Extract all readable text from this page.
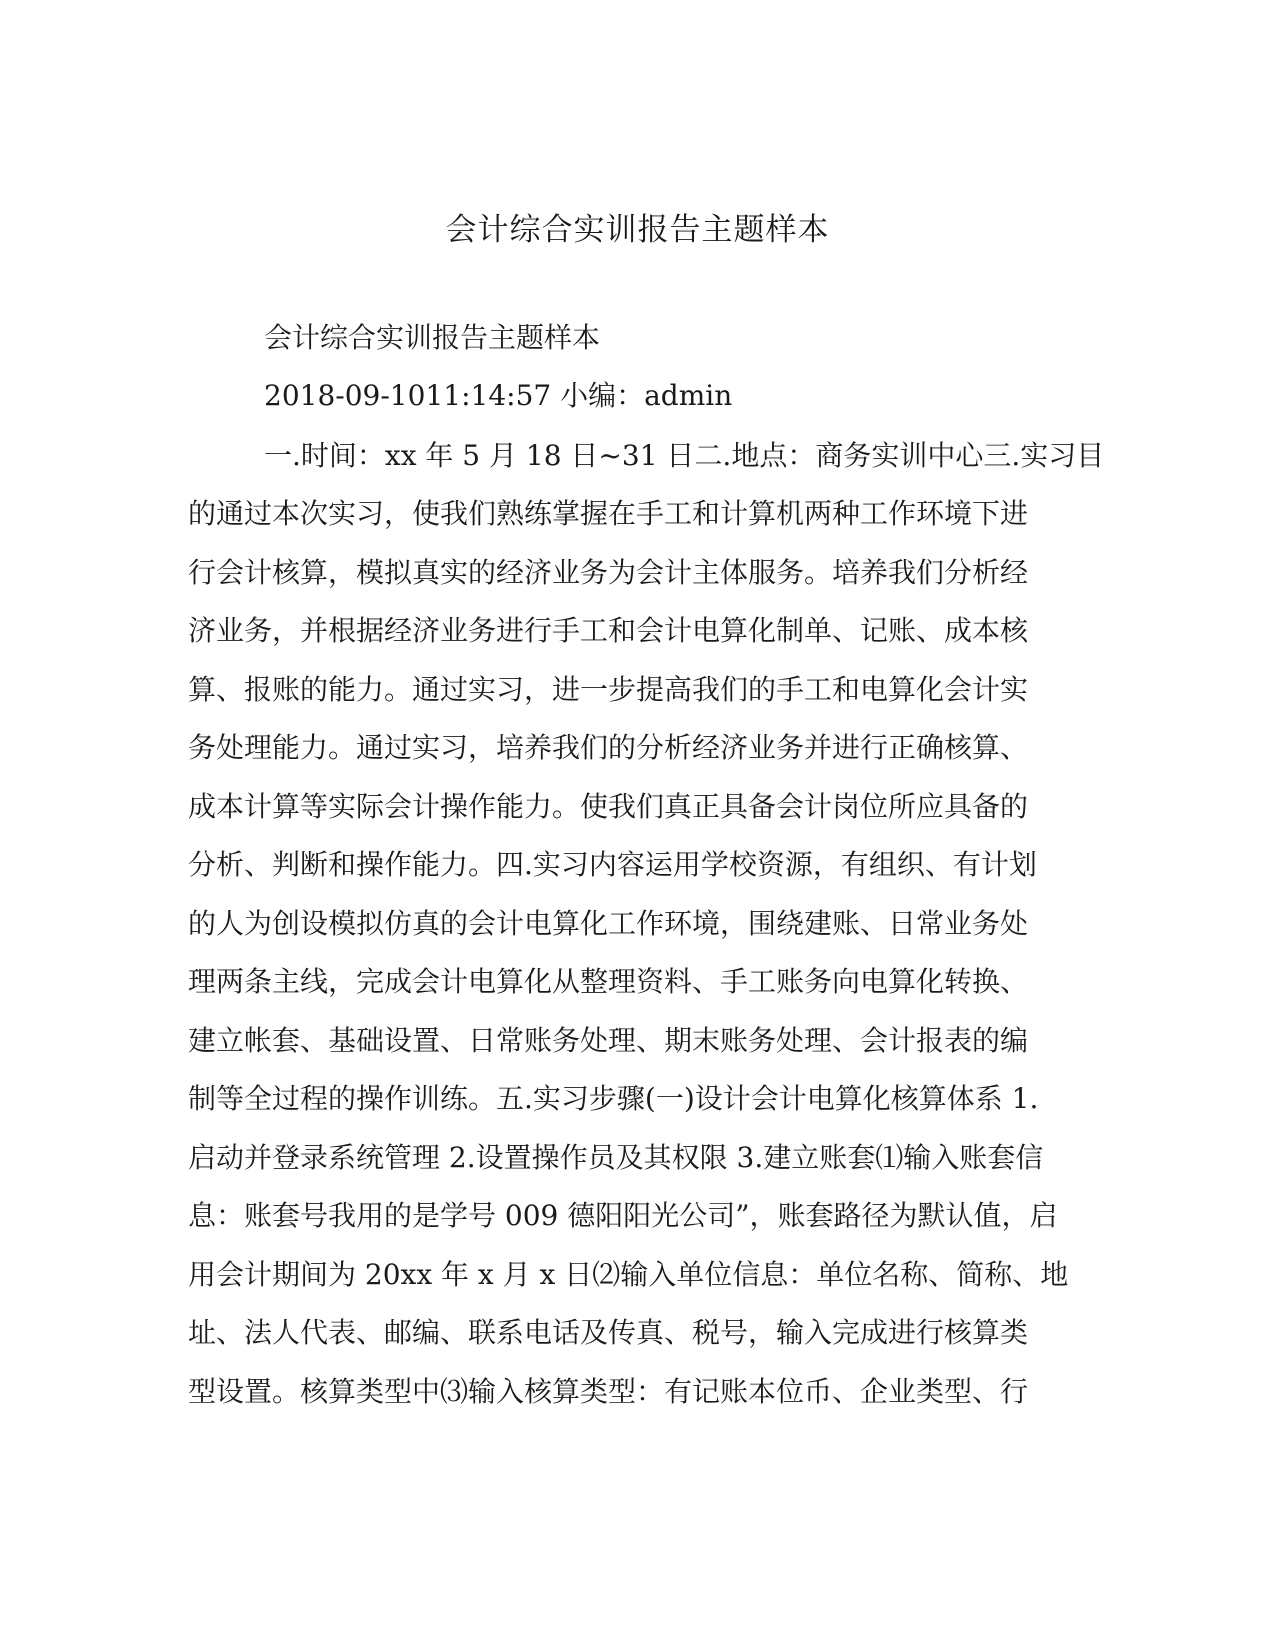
会计综合实训报告主题样本
会计综合实训报告主题样本
2018-09-1011:14:57 小编：admin
一.时间：xx 年 5 月 18 日~31 日二.地点：商务实训中心三.实习目
的通过本次实习，使我们熟练掌握在手工和计算机两种工作环境下进
行会计核算，模拟真实的经济业务为会计主体服务。培养我们分析经
济业务，并根据经济业务进行手工和会计电算化制单、记账、成本核
算、报账的能力。通过实习，进一步提高我们的手工和电算化会计实
务处理能力。通过实习，培养我们的分析经济业务并进行正确核算、
成本计算等实际会计操作能力。使我们真正具备会计岗位所应具备的
分析、判断和操作能力。四.实习内容运用学校资源，有组织、有计划
的人为创设模拟仿真的会计电算化工作环境，围绕建账、日常业务处
理两条主线，完成会计电算化从整理资料、手工账务向电算化转换、
建立帐套、基础设置、日常账务处理、期末账务处理、会计报表的编
制等全过程的操作训练。五.实习步骤(一)设计会计电算化核算体系 1.
启动并登录系统管理 2.设置操作员及其权限 3.建立账套⑴输入账套信
息：账套号我用的是学号 009 德阳阳光公司”，账套路径为默认值，启
用会计期间为 20xx 年 x 月 x 日⑵输入单位信息：单位名称、简称、地
址、法人代表、邮编、联系电话及传真、税号，输入完成进行核算类
型设置。核算类型中⑶输入核算类型：有记账本位币、企业类型、行
